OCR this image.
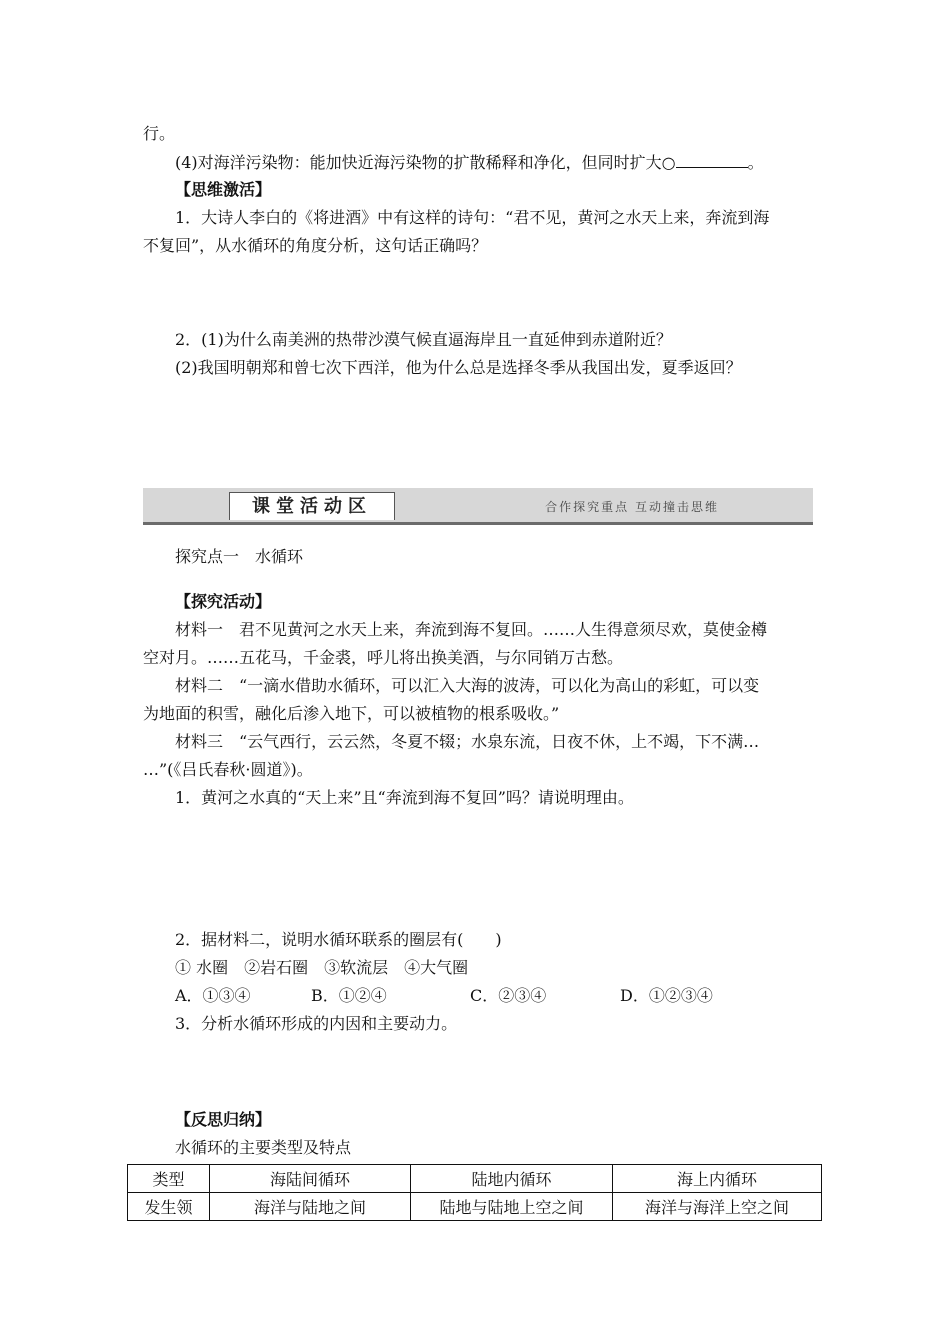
行。
(4)对海洋污染物：能加快近海污染物的扩散稀释和净化，但同时扩大○	。
【思维激活】
1．大诗人李白的《将进酒》中有这样的诗句：“君不见，黄河之水天上来，奔流到海
不复回”，从水循环的角度分析，这句话正确吗？
2．(1)为什么南美洲的热带沙漠气候直逼海岸且一直延伸到赤道附近？
(2)我国明朝郑和曾七次下西洋，他为什么总是选择冬季从我国出发，夏季返回？
课堂活动区	合作探究重点 互动撞击思维
探究点一　水循环
【探究活动】
材料一　君不见黄河之水天上来，奔流到海不复回。……人生得意须尽欢，莫使金樽
空对月。……五花马，千金裘，呼儿将出换美酒，与尔同销万古愁。
材料二　“一滴水借助水循环，可以汇入大海的波涛，可以化为高山的彩虹，可以变
为地面的积雪，融化后渗入地下，可以被植物的根系吸收。”
材料三　“云气西行，云云然，冬夏不辍；水泉东流，日夜不休，上不竭，下不满…
…”(《吕氏春秋·圆道》)。
1．黄河之水真的“天上来”且“奔流到海不复回”吗？请说明理由。
2．据材料二，说明水循环联系的圈层有(　　)
① 水圈　②岩石圈　③软流层　④大气圈
A．①③④	B．①②④	C．②③④	D．①②③④
3．分析水循环形成的内因和主要动力。
【反思归纳】
水循环的主要类型及特点
类型	海陆间循环	陆地内循环	海上内循环
发生领	海洋与陆地之间	陆地与陆地上空之间	海洋与海洋上空之间
